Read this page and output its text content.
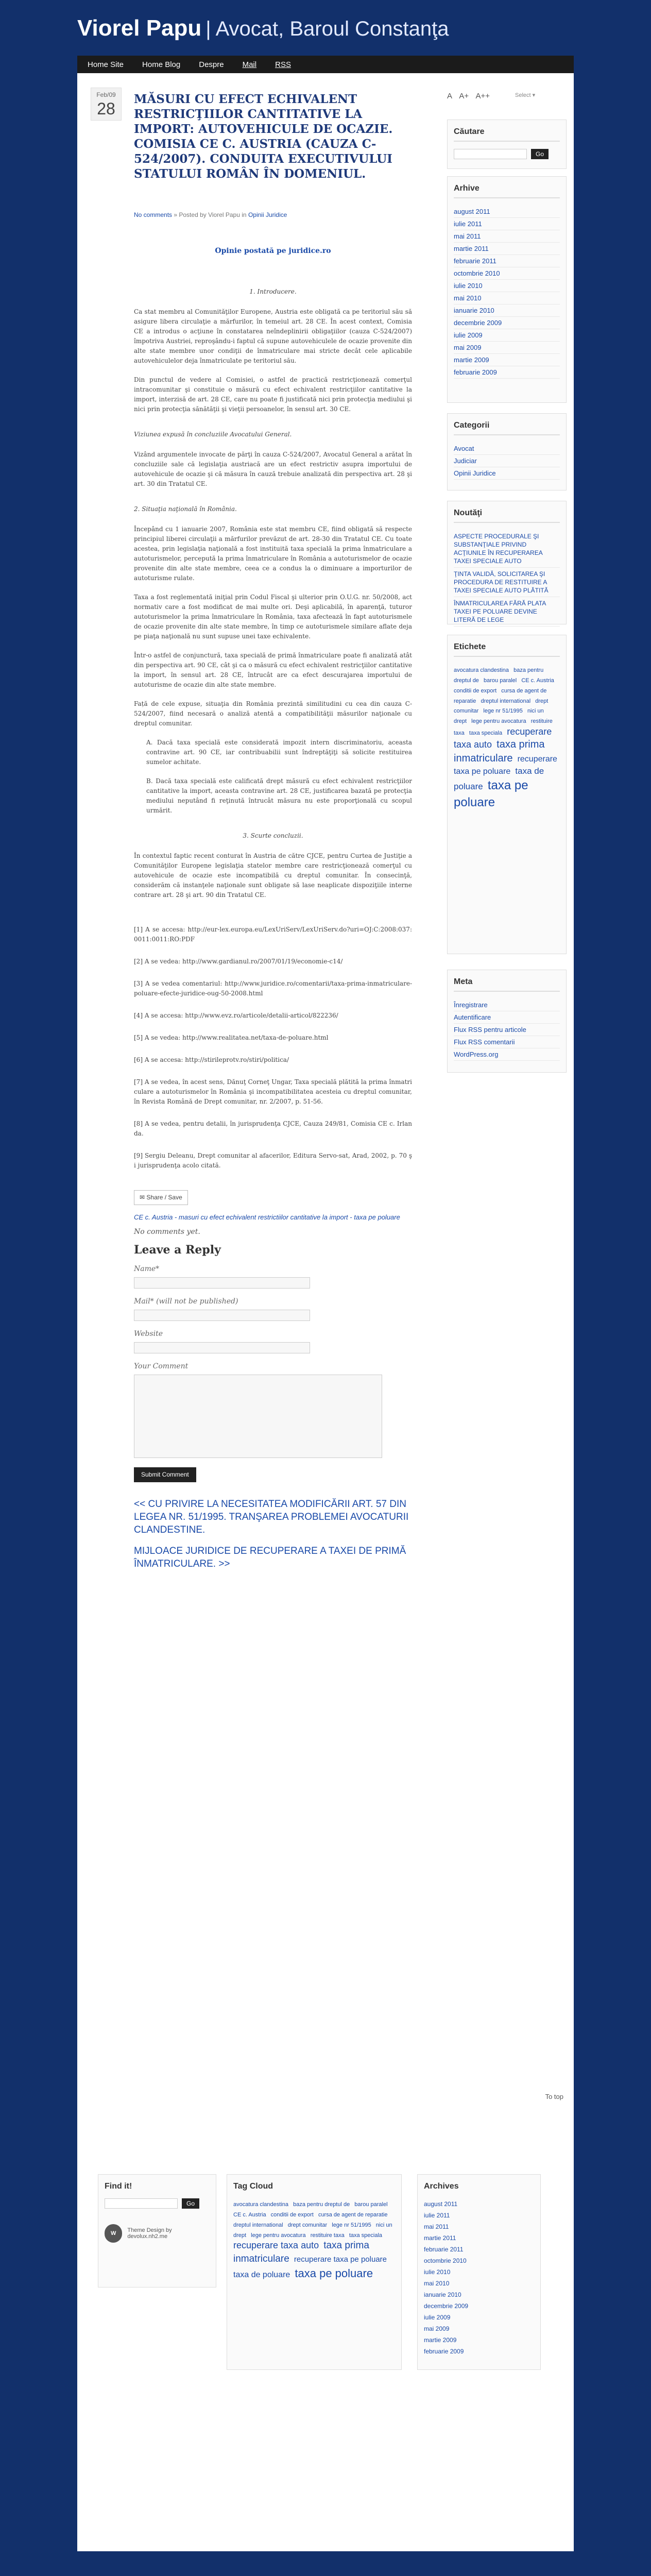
Viorel Papu | Avocat, Baroul Constanţa
Home Site Home Blog Despre Mail RSS
Feb/09
28
MĂSURI CU EFECT ECHIVALENT RESTRICŢIILOR CANTITATIVE LA IMPORT: AUTOVEHICULE DE OCAZIE. COMISIA CE C. AUSTRIA (CAUZA C-524/2007). CONDUITA EXECUTIVULUI STATULUI ROMÂN ÎN DOMENIUL.
No comments » Posted by Viorel Papu in Opinii Juridice
Opinie postată pe juridice.ro
1. Introducere.

Ca stat membru al Comunităţilor Europene, Austria este obligată ca pe teritoriul său să asigure libera circulaţie a mărfurilor, în temeiul art. 28 CE. În acest context, Comisia CE a introdus o acţiune în constatarea neîndeplinirii obligaţiilor (cauza C-524/2007) împotriva Austriei, reproşându-i faptul că supune autovehiculele de ocazie provenite din alte state membre unor condiţii de înmatriculare mai stricte decât cele aplicabile autovehiculelor deja înmatriculate pe teritoriul său.

Din punctul de vedere al Comisiei, o astfel de practică restricţionează comerţul intracomunitar şi constituie o măsură cu efect echivalent restricţiilor cantitative la import, interzisă de art. 28 CE, care nu poate fi justificată nici prin protecţia mediului şi nici prin protecţia sănătăţii şi vieţii persoanelor, în sensul art. 30 CE.

Viziunea expusă în concluziile Avocatului General.

Vizând argumentele invocate de părţi în cauza C-524/2007, Avocatul General a arătat în concluziile sale că legislaţia austriacă are un efect restrictiv asupra importului de autovehicule de ocazie şi că măsura în cauză trebuie analizată din perspectiva art. 28 şi art. 30 din Tratatul CE.

2. Situaţia naţională în România.

Începând cu 1 ianuarie 2007, România este stat membru CE, fiind obligată să respecte principiul liberei circulaţii a mărfurilor prevăzut de art. 28-30 din Tratatul CE. Cu toate acestea, prin legislaţia naţională a fost instituită taxa specială la prima înmatriculare a autoturismelor, percepută la prima înmatriculare în România a autoturismelor de ocazie provenite din alte state membre, ceea ce a condus la o diminuare a importurilor de autoturisme rulate.

Taxa a fost reglementată iniţial prin Codul Fiscal şi ulterior prin O.U.G. nr. 50/2008, act normativ care a fost modificat de mai multe ori. Deşi aplicabilă, în aparenţă, tuturor autoturismelor la prima înmatriculare în România, taxa afectează în fapt autoturismele de ocazie provenite din alte state membre, în timp ce autoturismele similare aflate deja pe piaţa naţională nu sunt supuse unei taxe echivalente.

Într-o astfel de conjunctură, taxa specială de primă înmatriculare poate fi analizată atât din perspectiva art. 90 CE, cât şi ca o măsură cu efect echivalent restricţiilor cantitative la import, în sensul art. 28 CE, întrucât are ca efect descurajarea importului de autoturisme de ocazie din alte state membre.

Față de cele expuse, situaţia din România prezintă similitudini cu cea din cauza C-524/2007, fiind necesară o analiză atentă a compatibilităţii măsurilor naţionale cu dreptul comunitar.

A. Dacă taxa specială este considerată impozit intern discriminatoriu, aceasta contravine art. 90 CE, iar contribuabilii sunt îndreptăţiţi să solicite restituirea sumelor achitate.

B. Dacă taxa specială este calificată drept măsură cu efect echivalent restricţiilor cantitative la import, aceasta contravine art. 28 CE, justificarea bazată pe protecţia mediului neputând fi reţinută întrucât măsura nu este proporţională cu scopul urmărit.

3. Scurte concluzii.

În contextul faptic recent conturat în Austria de către CJCE, pentru Curtea de Justiţie a Comunităţilor Europene legislaţia statelor membre care restricţionează comerţul cu autovehicule de ocazie este incompatibilă cu dreptul comunitar. În consecinţă, considerăm că instanţele naţionale sunt obligate să lase neaplicate dispoziţiile interne contrare art. 28 şi art. 90 din Tratatul CE.

[1] A se accesa: http://eur-lex.europa.eu/LexUriServ/LexUriServ.do?uri=OJ:C:2008:037:0011:0011:RO:PDF

[2] A se vedea: http://www.gardianul.ro/2007/01/19/economie-c14/

[3] A se vedea comentariul: http://www.juridice.ro/comentarii/taxa-prima-inmatriculare-poluare-efecte-juridice-oug-50-2008.html

[4] A se accesa: http://www.evz.ro/articole/detalii-articol/822236/

[5] A se vedea: http://www.realitatea.net/taxa-de-poluare.html

[6] A se accesa: http://stirileprotv.ro/stiri/politica/

[7] A se vedea, în acest sens, Dănuţ Corneţ Ungar, Taxa specială plătită la prima înmatriculare a autoturismelor în România şi incompatibilitatea acesteia cu dreptul comunitar, în Revista Română de Drept comunitar, nr. 2/2007, p. 51-56.

[8] A se vedea, pentru detalii, în jurisprudenţa CJCE, Cauza 249/81, Comisia CE c. Irlanda.

[9] Sergiu Deleanu, Drept comunitar al afacerilor, Editura Servo-sat, Arad, 2002, p. 70 şi jurisprudenţa acolo citată.

✉ Share / Save
CE c. Austria - masuri cu efect echivalent restrictiilor cantitative la import - taxa pe poluare
No comments yet.
Leave a Reply
Name*
Mail* (will not be published)
Website
Your Comment
Submit Comment
<< CU PRIVIRE LA NECESITATEA MODIFICĂRII ART. 57 DIN LEGEA NR. 51/1995. TRANŞAREA PROBLEMEI AVOCATURII CLANDESTINE.
MIJLOACE JURIDICE DE RECUPERARE A TAXEI DE PRIMĂ ÎNMATRICULARE. >>
A A+ A++	Select ▾
Căutare
Go
Arhive
august 2011
iulie 2011
mai 2011
martie 2011
februarie 2011
octombrie 2010
iulie 2010
mai 2010
ianuarie 2010
decembrie 2009
iulie 2009
mai 2009
martie 2009
februarie 2009
Categorii
Avocat
Judiciar
Opinii Juridice
Noutăţi
ASPECTE PROCEDURALE ŞI SUBSTANŢIALE PRIVIND ACŢIUNILE ÎN RECUPERAREA TAXEI SPECIALE AUTO
ŢINTA VALIDĂ, SOLICITAREA ŞI PROCEDURA DE RESTITUIRE A TAXEI SPECIALE AUTO PLĂTITĂ
ÎNMATRICULAREA FĂRĂ PLATA TAXEI PE POLUARE DEVINE LITERĂ DE LEGE
Etichete
avocatura clandestina baza pentru dreptul de barou paralel CE c. Austria conditii de export cursa de agent de reparatie dreptul international drept comunitar lege nr 51/1995 nici un drept lege pentru avocatura restituire taxa taxa speciala recuperare taxa auto taxa prima inmatriculare recuperare taxa pe poluare taxa de poluare taxa pe poluare
Meta
Înregistrare
Autentificare
Flux RSS pentru articole
Flux RSS comentarii
WordPress.org
To top
Find it!
Go
W	Theme Design by devolux.nh2.me
Tag Cloud
avocatura clandestina baza pentru dreptul de barou paralel CE c. Austria conditii de export cursa de agent de reparatie dreptul international drept comunitar lege nr 51/1995 nici un drept lege pentru avocatura restituire taxa taxa speciala recuperare taxa auto taxa prima inmatriculare recuperare taxa pe poluare taxa de poluare taxa pe poluare
Archives
august 2011
iulie 2011
mai 2011
martie 2011
februarie 2011
octombrie 2010
iulie 2010
mai 2010
ianuarie 2010
decembrie 2009
iulie 2009
mai 2009
martie 2009
februarie 2009
